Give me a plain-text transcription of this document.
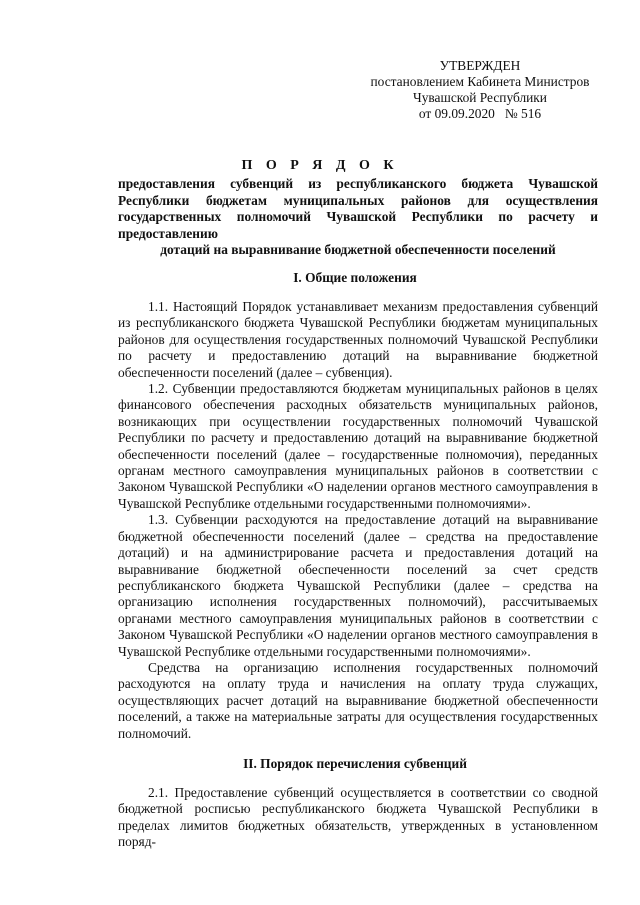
УТВЕРЖДЕН
постановлением Кабинета Министров
Чувашской Республики
от 09.09.2020   № 516
П О Р Я Д О К
предоставления субвенций из республиканского бюджета Чувашской Республики бюджетам муниципальных районов для осуществления государственных полномочий Чувашской Республики по расчету и предоставлению
дотаций на выравнивание бюджетной обеспеченности поселений
I. Общие положения

1.1. Настоящий Порядок устанавливает механизм предоставления субвенций из республиканского бюджета Чувашской Республики бюджетам муниципальных районов для осуществления государственных полномочий Чувашской Республики по расчету и предоставлению дотаций на выравнивание бюджетной обеспеченности поселений (далее – субвенция).

1.2. Субвенции предоставляются бюджетам муниципальных районов в целях финансового обеспечения расходных обязательств муниципальных районов, возникающих при осуществлении государственных полномочий Чувашской Республики по расчету и предоставлению дотаций на выравнивание бюджетной обеспеченности поселений (далее – государственные полномочия), переданных органам местного самоуправления муниципальных районов в соответствии с Законом Чувашской Республики «О наделении органов местного самоуправления в Чувашской Республике отдельными государственными полномочиями».

1.3. Субвенции расходуются на предоставление дотаций на выравнивание бюджетной обеспеченности поселений (далее – средства на предоставление дотаций) и на администрирование расчета и предоставления дотаций на выравнивание бюджетной обеспеченности поселений за счет средств республиканского бюджета Чувашской Республики (далее – средства на организацию исполнения государственных полномочий), рассчитываемых органами местного самоуправления муниципальных районов в соответствии с Законом Чувашской Республики «О наделении органов местного самоуправления в Чувашской Республике отдельными государственными полномочиями».

Средства на организацию исполнения государственных полномочий расходуются на оплату труда и начисления на оплату труда служащих, осуществляющих расчет дотаций на выравнивание бюджетной обеспеченности поселений, а также на материальные затраты для осуществления государственных полномочий.

II. Порядок перечисления субвенций

2.1. Предоставление субвенций осуществляется в соответствии со сводной бюджетной росписью республиканского бюджета Чувашской Республики в пределах лимитов бюджетных обязательств, утвержденных в установленном поряд-
